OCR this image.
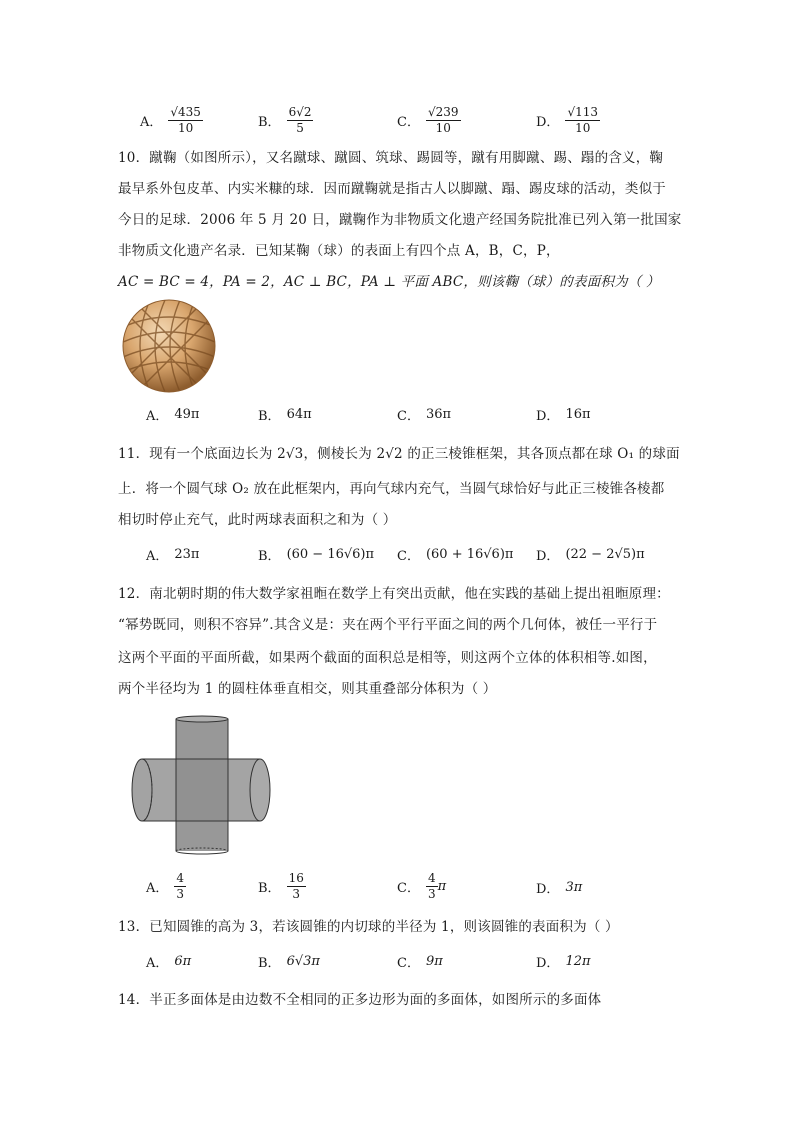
A． $\frac{√435}{10}$	B． $\frac{6√2}{5}$	C． $\frac{√239}{10}$	D． $\frac{√113}{10}$
10．蹴鞠（如图所示），又名蹴球、蹴圆、筑球、踢圆等，蹴有用脚蹴、踢、蹋的含义，鞠
最早系外包皮革、内实米糠的球．因而蹴鞠就是指古人以脚蹴、蹋、踢皮球的活动，类似于
今日的足球．2006 年 5 月 20 日，蹴鞠作为非物质文化遗产经国务院批准已列入第一批国家
非物质文化遗产名录．已知某鞠（球）的表面上有四个点 A，B，C，P，
AC = BC = 4，PA = 2，AC ⊥ BC，PA ⊥ 平面 ABC，则该鞠（球）的表面积为（ ）
A． 49π	B． 64π	C． 36π	D． 16π
11．现有一个底面边长为 2√3，侧棱长为 2√2 的正三棱锥框架，其各顶点都在球 O₁ 的球面
上．将一个圆气球 O₂ 放在此框架内，再向气球内充气，当圆气球恰好与此正三棱锥各棱都
相切时停止充气，此时两球表面积之和为（ ）
A． 23π	B． (60 − 16√6)π C． (60 + 16√6)π D． (22 − 2√5)π
12．南北朝时期的伟大数学家祖暅在数学上有突出贡献，他在实践的基础上提出祖暅原理：
“幂势既同，则积不容异”.其含义是：夹在两个平行平面之间的两个几何体，被任一平行于
这两个平面的平面所截，如果两个截面的面积总是相等，则这两个立体的体积相等.如图，
两个半径均为 1 的圆柱体垂直相交，则其重叠部分体积为（ ）
A． $\frac{4}{3}$	B． $\frac{16}{3}$	C． $\frac{4}{3}$ π	D． 3π
13．已知圆锥的高为 3，若该圆锥的内切球的半径为 1，则该圆锥的表面积为（ ）
A． 6π	B． 6√3π	C． 9π	D． 12π
14．半正多面体是由边数不全相同的正多边形为面的多面体，如图所示的多面体
